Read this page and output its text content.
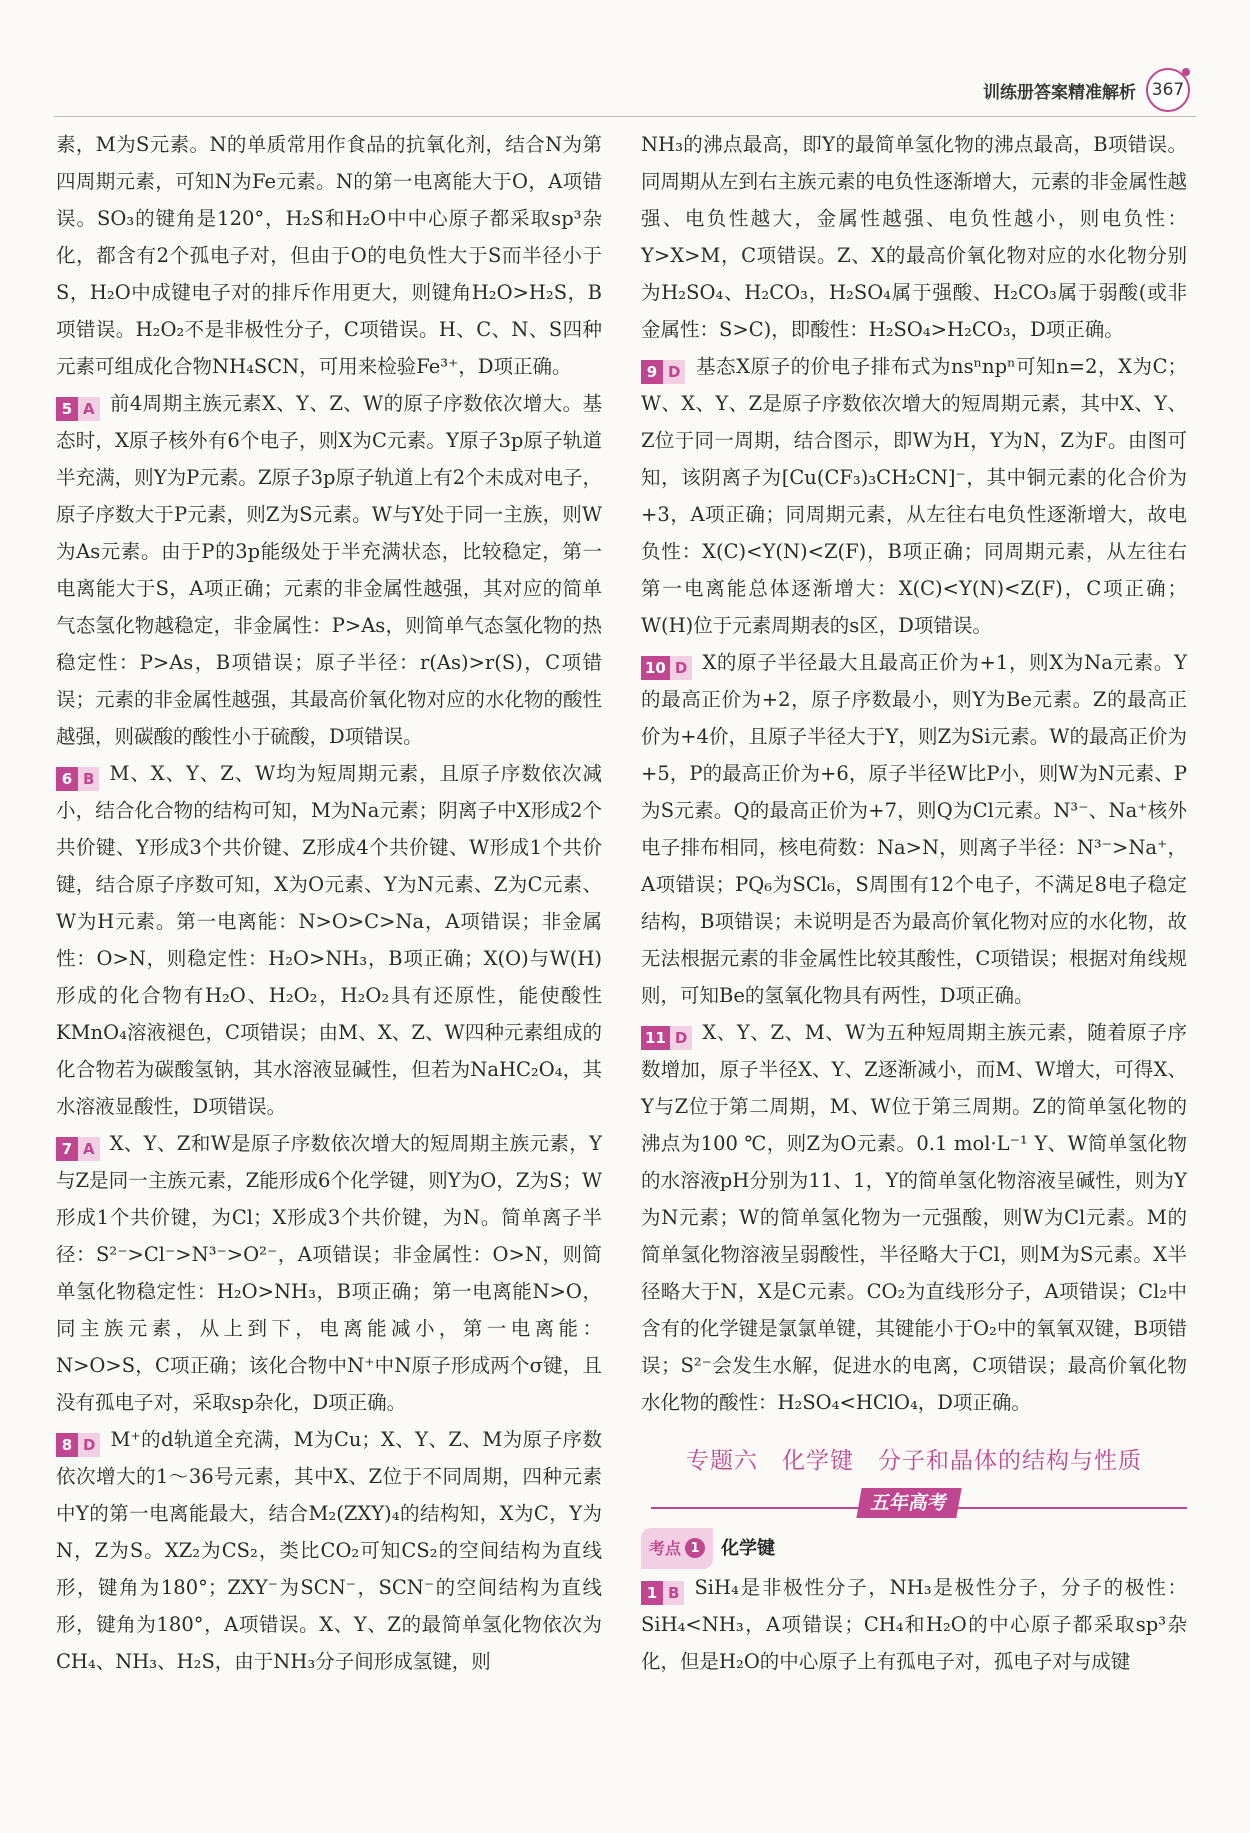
训练册答案精准解析 367

素，M为S元素。N的单质常用作食品的抗氧化剂，结合N为第四周期元素，可知N为Fe元素。N的第一电离能大于O，A项错误。SO₃的键角是120°，H₂S和H₂O中中心原子都采取sp³杂化，都含有2个孤电子对，但由于O的电负性大于S而半径小于S，H₂O中成键电子对的排斥作用更大，则键角H₂O>H₂S，B项错误。H₂O₂不是非极性分子，C项错误。H、C、N、S四种元素可组成化合物NH₄SCN，可用来检验Fe³⁺，D项正确。

5 A 前4周期主族元素X、Y、Z、W的原子序数依次增大。基态时，X原子核外有6个电子，则X为C元素。Y原子3p原子轨道半充满，则Y为P元素。Z原子3p原子轨道上有2个未成对电子，原子序数大于P元素，则Z为S元素。W与Y处于同一主族，则W为As元素。由于P的3p能级处于半充满状态，比较稳定，第一电离能大于S，A项正确；元素的非金属性越强，其对应的简单气态氢化物越稳定，非金属性：P>As，则简单气态氢化物的热稳定性：P>As，B项错误；原子半径：r(As)>r(S)，C项错误；元素的非金属性越强，其最高价氧化物对应的水化物的酸性越强，则碳酸的酸性小于硫酸，D项错误。

6 B M、X、Y、Z、W均为短周期元素，且原子序数依次减小，结合化合物的结构可知，M为Na元素；阴离子中X形成2个共价键、Y形成3个共价键、Z形成4个共价键、W形成1个共价键，结合原子序数可知，X为O元素、Y为N元素、Z为C元素、W为H元素。第一电离能：N>O>C>Na，A项错误；非金属性：O>N，则稳定性：H₂O>NH₃，B项正确；X(O)与W(H)形成的化合物有H₂O、H₂O₂，H₂O₂具有还原性，能使酸性KMnO₄溶液褪色，C项错误；由M、X、Z、W四种元素组成的化合物若为碳酸氢钠，其水溶液显碱性，但若为NaHC₂O₄，其水溶液显酸性，D项错误。

7 A X、Y、Z和W是原子序数依次增大的短周期主族元素，Y与Z是同一主族元素，Z能形成6个化学键，则Y为O，Z为S；W形成1个共价键，为Cl；X形成3个共价键，为N。简单离子半径：S²⁻>Cl⁻>N³⁻>O²⁻，A项错误；非金属性：O>N，则简单氢化物稳定性：H₂O>NH₃，B项正确；第一电离能N>O，同主族元素，从上到下，电离能减小，第一电离能：N>O>S，C项正确；该化合物中N⁺中N原子形成两个σ键，且没有孤电子对，采取sp杂化，D项正确。

8 D M⁺的d轨道全充满，M为Cu；X、Y、Z、M为原子序数依次增大的1～36号元素，其中X、Z位于不同周期，四种元素中Y的第一电离能最大，结合M₂(ZXY)₄的结构知，X为C，Y为N，Z为S。XZ₂为CS₂，类比CO₂可知CS₂的空间结构为直线形，键角为180°；ZXY⁻为SCN⁻，SCN⁻的空间结构为直线形，键角为180°，A项错误。X、Y、Z的最简单氢化物依次为CH₄、NH₃、H₂S，由于NH₃分子间形成氢键，则

NH₃的沸点最高，即Y的最简单氢化物的沸点最高，B项错误。同周期从左到右主族元素的电负性逐渐增大，元素的非金属性越强、电负性越大，金属性越强、电负性越小，则电负性：Y>X>M，C项错误。Z、X的最高价氧化物对应的水化物分别为H₂SO₄、H₂CO₃，H₂SO₄属于强酸、H₂CO₃属于弱酸(或非金属性：S>C)，即酸性：H₂SO₄>H₂CO₃，D项正确。

9 D 基态X原子的价电子排布式为nsⁿnpⁿ可知n=2，X为C；W、X、Y、Z是原子序数依次增大的短周期元素，其中X、Y、Z位于同一周期，结合图示，即W为H，Y为N，Z为F。由图可知，该阴离子为[Cu(CF₃)₃CH₂CN]⁻，其中铜元素的化合价为+3，A项正确；同周期元素，从左往右电负性逐渐增大，故电负性：X(C)<Y(N)<Z(F)，B项正确；同周期元素，从左往右第一电离能总体逐渐增大：X(C)<Y(N)<Z(F)，C项正确；W(H)位于元素周期表的s区，D项错误。

10 D X的原子半径最大且最高正价为+1，则X为Na元素。Y的最高正价为+2，原子序数最小，则Y为Be元素。Z的最高正价为+4价，且原子半径大于Y，则Z为Si元素。W的最高正价为+5，P的最高正价为+6，原子半径W比P小，则W为N元素、P为S元素。Q的最高正价为+7，则Q为Cl元素。N³⁻、Na⁺核外电子排布相同，核电荷数：Na>N，则离子半径：N³⁻>Na⁺，A项错误；PQ₆为SCl₆，S周围有12个电子，不满足8电子稳定结构，B项错误；未说明是否为最高价氧化物对应的水化物，故无法根据元素的非金属性比较其酸性，C项错误；根据对角线规则，可知Be的氢氧化物具有两性，D项正确。

11 D X、Y、Z、M、W为五种短周期主族元素，随着原子序数增加，原子半径X、Y、Z逐渐减小，而M、W增大，可得X、Y与Z位于第二周期，M、W位于第三周期。Z的简单氢化物的沸点为100 ℃，则Z为O元素。0.1 mol·L⁻¹ Y、W简单氢化物的水溶液pH分别为11、1，Y的简单氢化物溶液呈碱性，则为Y为N元素；W的简单氢化物为一元强酸，则W为Cl元素。M的简单氢化物溶液呈弱酸性，半径略大于Cl，则M为S元素。X半径略大于N，X是C元素。CO₂为直线形分子，A项错误；Cl₂中含有的化学键是氯氯单键，其键能小于O₂中的氧氧双键，B项错误；S²⁻会发生水解，促进水的电离，C项错误；最高价氧化物水化物的酸性：H₂SO₄<HClO₄，D项正确。

专题六　化学键　分子和晶体的结构与性质
五年高考
考点 1	化学键

1 B SiH₄是非极性分子，NH₃是极性分子，分子的极性：SiH₄<NH₃，A项错误；CH₄和H₂O的中心原子都采取sp³杂化，但是H₂O的中心原子上有孤电子对，孤电子对与成键
